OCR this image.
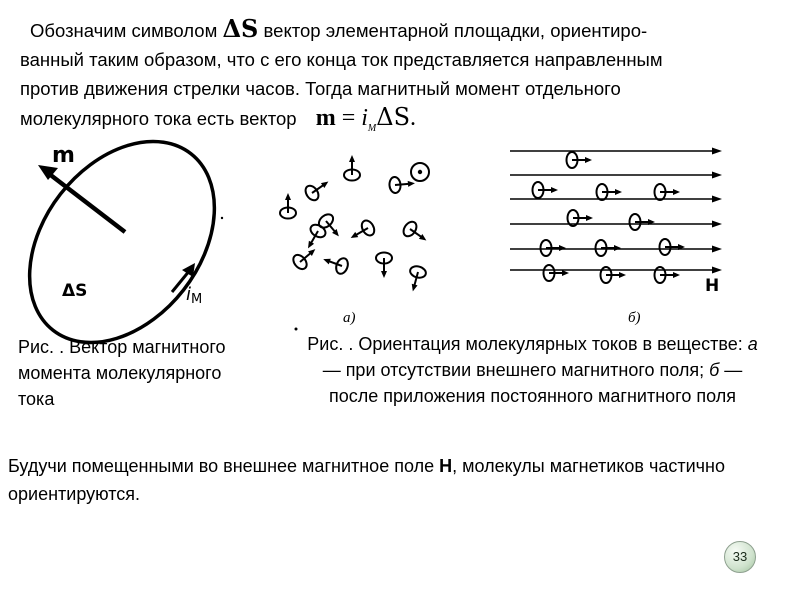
Обозначим символом ΔS вектор элементарной площадки, ориентиро-
ванный таким образом, что с его конца ток представляется направленным
против движения стрелки часов. Тогда магнитный момент отдельного
молекулярного тока есть вектор $m = i_M\Delta S$.
m
ΔS	iM
а)
H
б)
Рис. . Вектор магнитного момента молекулярного тока
Рис. . Ориентация молекулярных токов в веществе: а — при отсутствии внешнего магнитного поля; б — после приложения постоянного магнитного поля
Будучи помещенными во внешнее магнитное поле Н, молекулы магнетиков частично ориентируются.
33
